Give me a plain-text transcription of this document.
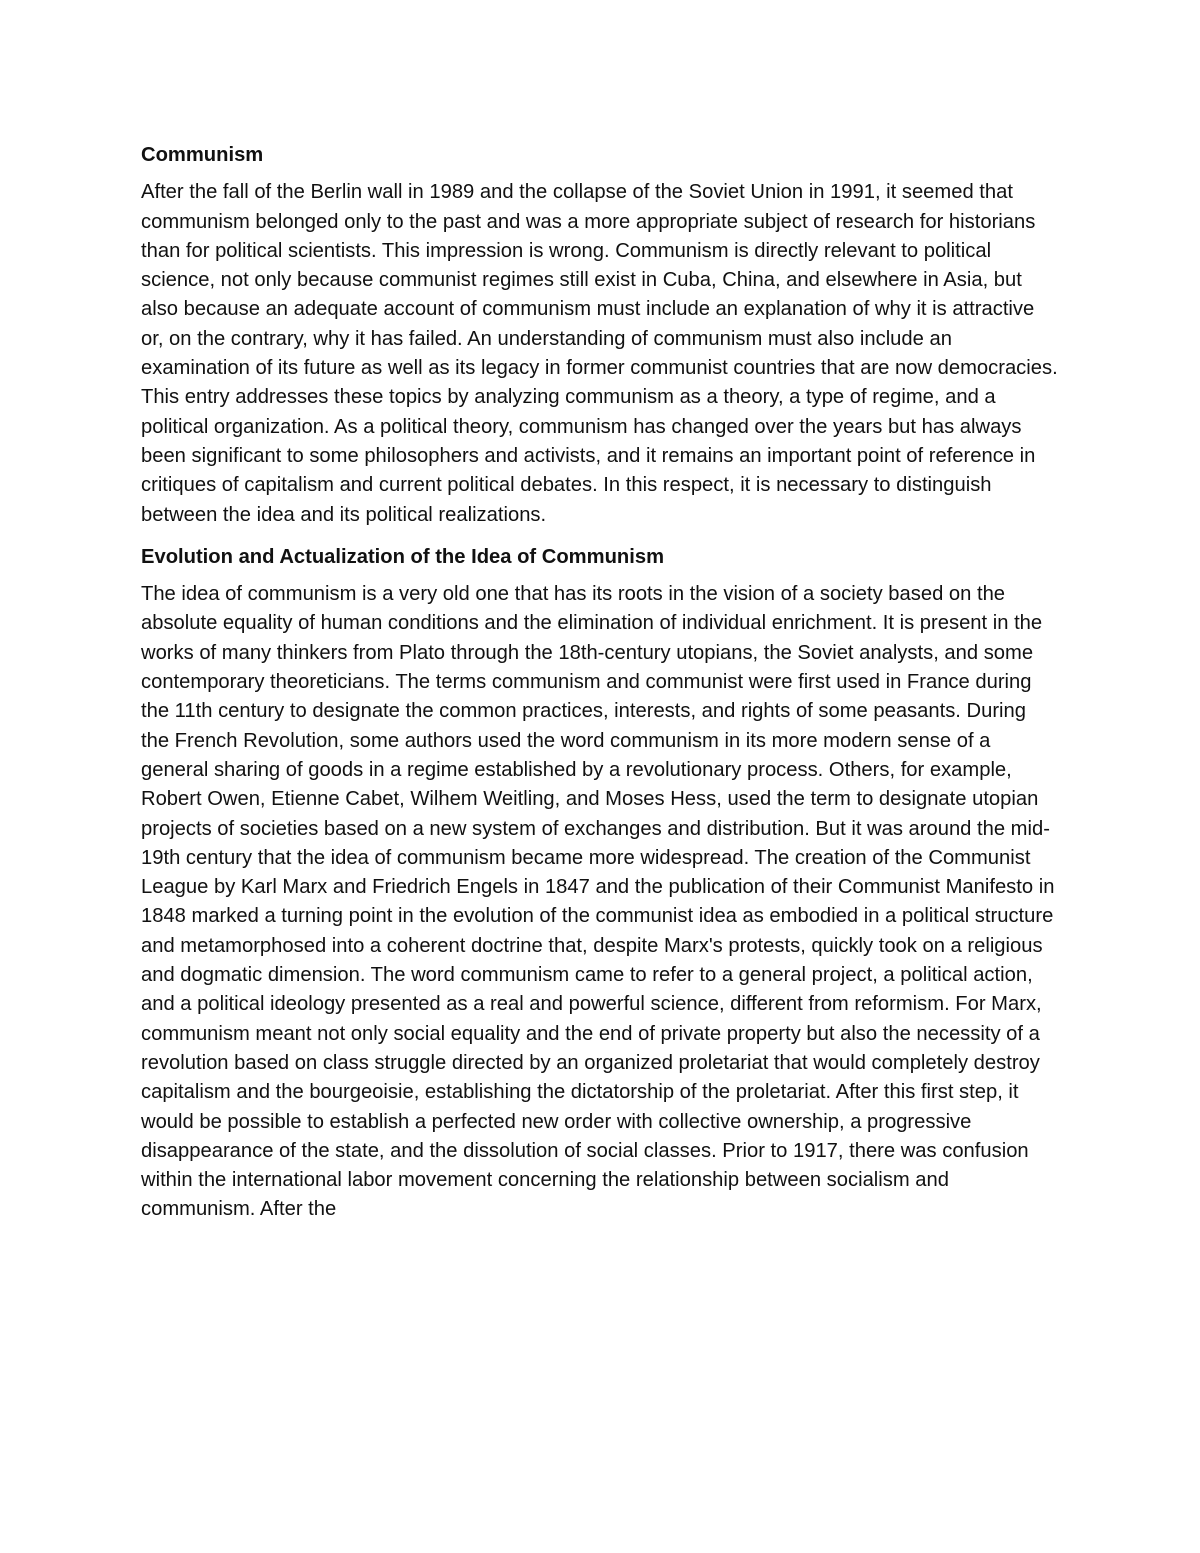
Communism

After the fall of the Berlin wall in 1989 and the collapse of the Soviet Union in 1991, it seemed that communism belonged only to the past and was a more appropriate subject of research for historians than for political scientists. This impression is wrong. Communism is directly relevant to political science, not only because communist regimes still exist in Cuba, China, and elsewhere in Asia, but also because an adequate account of communism must include an explanation of why it is attractive or, on the contrary, why it has failed. An understanding of communism must also include an examination of its future as well as its legacy in former communist countries that are now democracies. This entry addresses these topics by analyzing communism as a theory, a type of regime, and a political organization. As a political theory, communism has changed over the years but has always been significant to some philosophers and activists, and it remains an important point of reference in critiques of capitalism and current political debates. In this respect, it is necessary to distinguish between the idea and its political realizations.

Evolution and Actualization of the Idea of Communism

The idea of communism is a very old one that has its roots in the vision of a society based on the absolute equality of human conditions and the elimination of individual enrichment. It is present in the works of many thinkers from Plato through the 18th-century utopians, the Soviet analysts, and some contemporary theoreticians. The terms communism and communist were first used in France during the 11th century to designate the common practices, interests, and rights of some peasants. During the French Revolution, some authors used the word communism in its more modern sense of a general sharing of goods in a regime established by a revolutionary process. Others, for example, Robert Owen, Etienne Cabet, Wilhem Weitling, and Moses Hess, used the term to designate utopian projects of societies based on a new system of exchanges and distribution. But it was around the mid-19th century that the idea of communism became more widespread. The creation of the Communist League by Karl Marx and Friedrich Engels in 1847 and the publication of their Communist Manifesto in 1848 marked a turning point in the evolution of the communist idea as embodied in a political structure and metamorphosed into a coherent doctrine that, despite Marx's protests, quickly took on a religious and dogmatic dimension. The word communism came to refer to a general project, a political action, and a political ideology presented as a real and powerful science, different from reformism. For Marx, communism meant not only social equality and the end of private property but also the necessity of a revolution based on class struggle directed by an organized proletariat that would completely destroy capitalism and the bourgeoisie, establishing the dictatorship of the proletariat. After this first step, it would be possible to establish a perfected new order with collective ownership, a progressive disappearance of the state, and the dissolution of social classes. Prior to 1917, there was confusion within the international labor movement concerning the relationship between socialism and communism. After the
